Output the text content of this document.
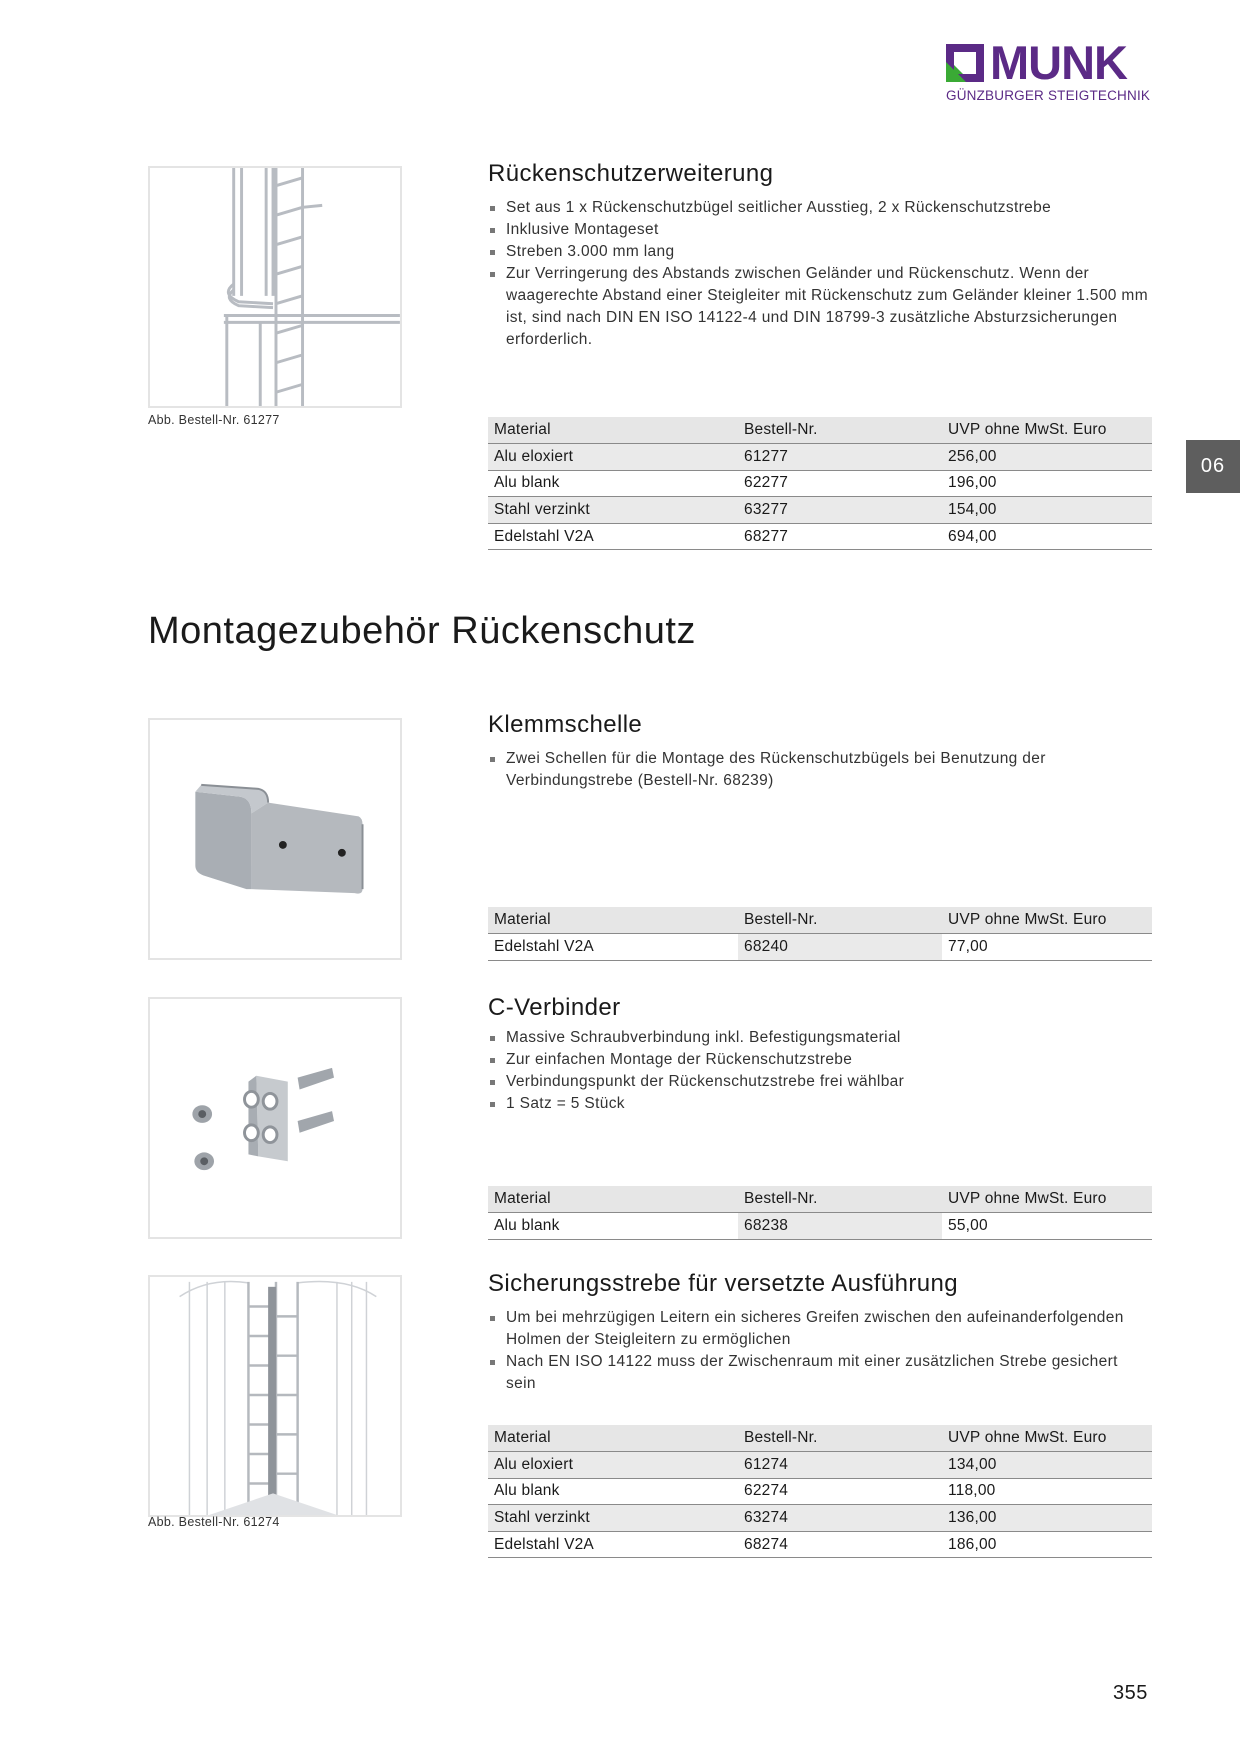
MUNK
GÜNZBURGER STEIGTECHNIK
06
Abb. Bestell-Nr. 61277
Rückenschutzerweiterung
Set aus 1 x Rückenschutzbügel seitlicher Ausstieg, 2 x Rückenschutzstrebe
Inklusive Montageset
Streben 3.000 mm lang
Zur Verringerung des Abstands zwischen Geländer und Rückenschutz. Wenn der waagerechte Abstand einer Steigleiter mit Rückenschutz zum Geländer kleiner 1.500 mm ist, sind nach DIN EN ISO 14122-4 und DIN 18799-3 zusätzliche Absturzsicherungen erforderlich.
Material	Bestell-Nr.	UVP ohne MwSt. Euro
Alu eloxiert	61277	256,00
Alu blank	62277	196,00
Stahl verzinkt	63277	154,00
Edelstahl V2A	68277	694,00
Montagezubehör Rückenschutz
Klemmschelle
Zwei Schellen für die Montage des Rückenschutzbügels bei Benutzung der Verbindungstrebe (Bestell-Nr. 68239)
Material	Bestell-Nr.	UVP ohne MwSt. Euro
Edelstahl V2A	68240	77,00
C-Verbinder
Massive Schraubverbindung inkl. Befestigungsmaterial
Zur einfachen Montage der Rückenschutzstrebe
Verbindungspunkt der Rückenschutzstrebe frei wählbar
1 Satz = 5 Stück
Material	Bestell-Nr.	UVP ohne MwSt. Euro
Alu blank	68238	55,00
Abb. Bestell-Nr. 61274
Sicherungsstrebe für versetzte Ausführung
Um bei mehrzügigen Leitern ein sicheres Greifen zwischen den aufeinanderfolgenden Holmen der Steigleitern zu ermöglichen
Nach EN ISO 14122 muss der Zwischenraum mit einer zusätzlichen Strebe gesichert sein
Material	Bestell-Nr.	UVP ohne MwSt. Euro
Alu eloxiert	61274	134,00
Alu blank	62274	118,00
Stahl verzinkt	63274	136,00
Edelstahl V2A	68274	186,00
355
